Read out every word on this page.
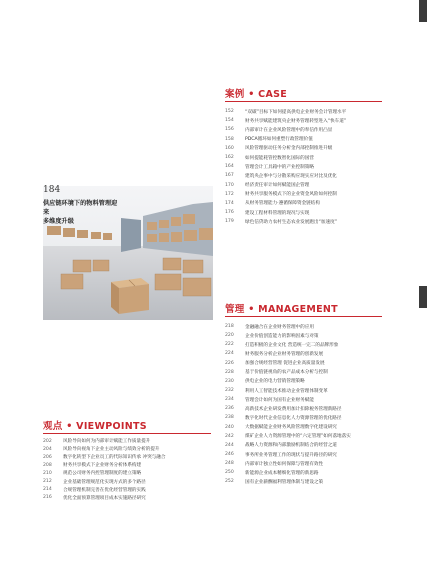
案例 • CASE
152	“双碳”目标下如何提高供电企业财务会计管理水平
154	财务共享赋能建筑央企财务管理转型进入“快车道”
156	内部审计在企业风险管理中的奉信作用凸显
158	PDCA循环如何重塑行政管理价值
160	风险管理驱动任务分析金内部控制推进升级
162	如何提能耗管控数智化国际的国营
164	管理会计工具箱中的产业控制策略
167	建筑央企事中与分散采购应现实应对比及优化
170	经济责任审计如何赋能国企管理
172	财务共享服务模式下的企业资金风险如何控制
174	从财务管理能力·遵循保障资金链结构
176	建设工程材料管理的现况与实现
179	绿色信贷助力农村生态农业发展跑出“加速度”
184
供应链环境下的物料管理迎来
多维度升级
管理 • MANAGEMENT
218	金融融合在企业财务管理中的应用
220	企业价值创造能力的影响因素与对策
222	打造积极的企业文化 营造统一完二的品牌形象
224	财务服务分析企业财务管理的创新发展
226	加强合规经营管理 促进企业高质量发展
228	基于价值链视角的农产品成本分析与控制
230	供电企业的电力营销管理策略
232	利用人工智能技术推动企业管理体制变革
234	管理会计如何为国有企业财务赋能
236	高新技术企业研发费用加计扣除税务管理新路径
238	数字化时代企业信息化人力资源管理的优化路径
240	大数据赋能企业财务风险管理数字化建设研究
242	煤矿企业人力资源管理中的“六定管理”如何落地落实
244	战略人力资源和内部激励机制结合的经营之道
246	事务所业务管理工作的现状与提升路径的研究
248	内部审计独立性如何保障与管理有效性
250	新能源企业成本精细化管理的新思路
252	国有企业薪酬福利管理体制与建设之策
观点 • VIEWPOINTS
202	风险导向如何为内部审计赋能工作质量提升
204	风险导向视角下企业主动风险与绩效分析的提升
206	数字化转型下企业员工的代际知识传承 冲突与融合
208	财务共享模式下企业财务分析体系构建
210	规范公司财务内控管理制度的建立策略
212	企业基础管理规范化实现方式的多个路径
214	合规管理机制完善在优化经营管理的实践
216	优化全面预算管理项目成本实施路径研究
